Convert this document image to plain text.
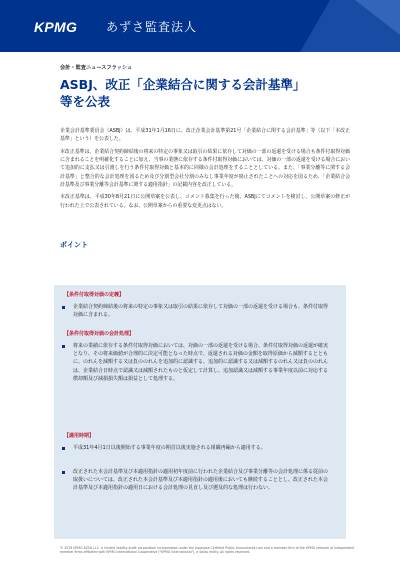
KPMG あずさ監査法人
会計・監査ニュースフラッシュ
ASBJ、改正「企業結合に関する会計基準」
等を公表

企業会計基準委員会（ASBJ）は、平成31年1月16日に、改正企業会計基準第21号「企業結合に関する会計基準」等（以下「本改正基準」という）を公表した。

本改正基準は、企業結合契約締結後の将来の特定の事象又は取引の結果に依存して対価の一部の返還を受ける場合も条件付取得対価に含まれることを明確化することに加え、当事の業態に依存する条件付取得対価においては、対価の一部の返還を受ける場合において追加的に支払又は引渡しを行う条件付取得対価と基本的に同様の会計処理をすることとしている。また、「事業分離等に関する会計基準」と整合的な会計処理を図るため及び分割型会社分割のみなし事業年度が廃止されたことへの対応を図るため、「企業結合会計基準及び事業分離等会計基準に関する適用指針」の記載内容を改正している。

本改正基準は、平成30年8月21日に公開草案を公表し、コメント募集を行った後、ASBJにてコメントを検討し、公開草案の修正が行われた上で公表されている。なお、公開草案からの重要な変更点はない。

ポイント
【条件付取得対価の定義】
企業結合契約締結後の将来の特定の事象又は取引の結果に依存して対価の一部の返還を受ける場合も、条件付取得対価に含まれる。
【条件付取得対価の会計処理】
将来の業績に依存する条件付取得対価においては、対価の一部の返還を受ける場合、条件付取得対価の返還が確実となり、その将来価値が合理的に決定可能となった時点で、返還される対価の金額を取得原価から減額するとともに、のれんを減額する又は負ののれんを追加的に認識する。追加的に認識する又は減額するのれん又は負ののれんは、企業結合日時点で認識又は減額されたものと仮定して計算し、追加認識又は減額する事業年度以前に対応する償却額及び減損損失額は損益として処理する。
【適用時期】
平成31年4月1日以後開始する事業年度の期首以後実施される組織再編から適用する。
改正された本会計基準及び本適用指針の適用初年度前に行われた企業結合及び事業分離等の会計処理に係る従前の取扱いについては、改正された本会計基準及び本適用指針の適用後においても継続することとし、改正された本会計基準及び本適用指針の適用日における会計処理の見直し及び遡及的な処理は行わない。
© 2019 KPMG AZSA LLC, a limited liability audit corporation incorporated under the Japanese Certified Public Accountants Law and a member firm of the KPMG network of independent member firms affiliated with KPMG International Cooperative ("KPMG International"), a Swiss entity. All rights reserved.
